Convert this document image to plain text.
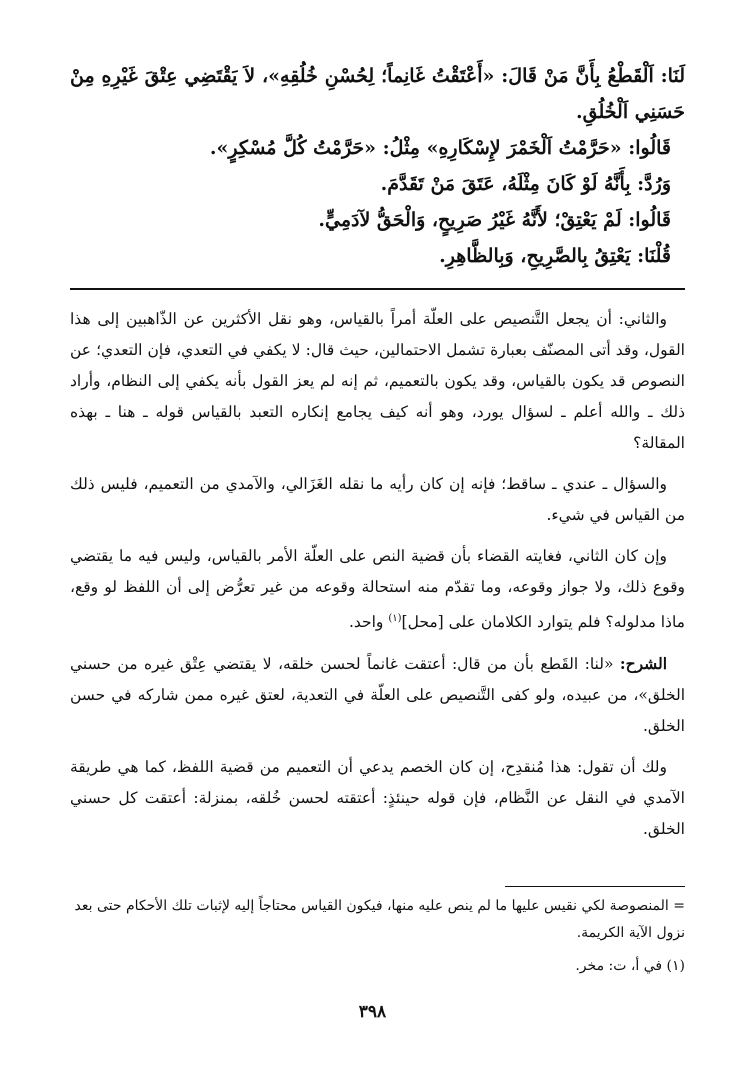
لَنَا: اَلْقَطْعُ بِأَنَّ مَنْ قَالَ: «أَعْتَقْتُ غَانِماً؛ لِحُسْنِ خُلُقِهِ»، لاَ يَقْتَضِي عِتْقَ غَيْرِهِ مِنْ حَسَنِي اَلْخُلُقِ.

قَالُوا: «حَرَّمْتُ اَلْخَمْرَ لإِسْكَارِهِ» مِثْلُ: «حَرَّمْتُ كُلَّ مُسْكِرٍ».

وَرُدَّ: بِأَنَّهُ لَوْ كَانَ مِثْلَهُ، عَتَقَ مَنْ تَقَدَّمَ.

قَالُوا: لَمْ يَعْتِقْ؛ لأَنَّهُ غَيْرُ صَرِيحٍ، وَالْحَقُّ لآدَمِيٍّ.

قُلْنَا: يَعْتِقُ بِالصَّرِيحِ، وَبِالظَّاهِرِ.

والثاني: أن يجعل التَّنصيص على العلّة أمراً بالقياس، وهو نقل الأكثرين عن الذّاهبين إلى هذا القول، وقد أتى المصنّف بعبارة تشمل الاحتمالين، حيث قال: لا يكفي في التعدي، فإن التعدي؛ عن النصوص قد يكون بالقياس، وقد يكون بالتعميم، ثم إنه لم يعز القول بأنه يكفي إلى النظام، وأراد ذلك ـ والله أعلم ـ لسؤال يورد، وهو أنه كيف يجامع إنكاره التعبد بالقياس قوله ـ هنا ـ بهذه المقالة؟

والسؤال ـ عندي ـ ساقط؛ فإنه إن كان رأيه ما نقله الغَزَالي، والآمدي من التعميم، فليس ذلك من القياس في شيء.

وإن كان الثاني، فغايته القضاء بأن قضية النص على العلّة الأمر بالقياس، وليس فيه ما يقتضي وقوع ذلك، ولا جواز وقوعه، وما تقدّم منه استحالة وقوعه من غير تعرُّض إلى أن اللفظ لو وقع، ماذا مدلوله؟ فلم يتوارد الكلامان على [محل]$^{(١)}$ واحد.

الشرح: «لنا: القَطع بأن من قال: أعتقت غانماً لحسن خلقه، لا يقتضي عِتْق غيره من حسني الخلق»، من عبيده، ولو كفى التَّنصيص على العلّة في التعدية، لعتق غيره ممن شاركه في حسن الخلق.

ولك أن تقول: هذا مُنقدِح، إن كان الخصم يدعي أن التعميم من قضية اللفظ، كما هي طريقة الآمدي في النقل عن النَّظام، فإن قوله حينئذٍ: أعتقته لحسن خُلقه، بمنزلة: أعتقت كل حسني الخلق.

= المنصوصة لكي نقيس عليها ما لم ينص عليه منها، فيكون القياس محتاجاً إليه لإثبات تلك الأحكام حتى بعد نزول الآية الكريمة.

(١) في أ، ت: مخر.

٣٩٨
